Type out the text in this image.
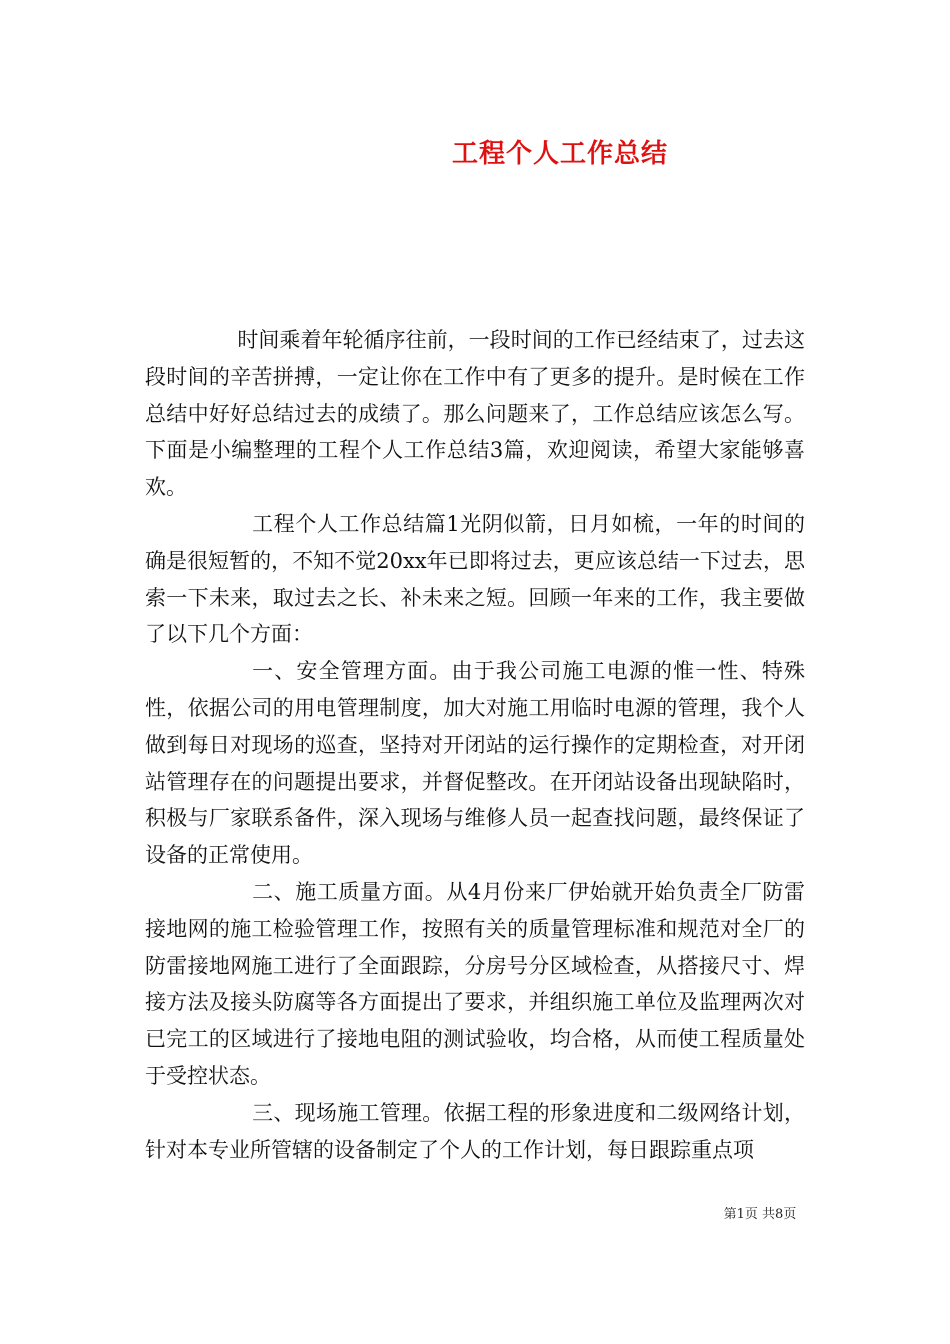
工程个人工作总结

时间乘着年轮循序往前，一段时间的工作已经结束了，过去这段时间的辛苦拼搏，一定让你在工作中有了更多的提升。是时候在工作总结中好好总结过去的成绩了。那么问题来了，工作总结应该怎么写。下面是小编整理的工程个人工作总结3篇，欢迎阅读，希望大家能够喜欢。

工程个人工作总结篇1光阴似箭，日月如梳，一年的时间的确是很短暂的，不知不觉20xx年已即将过去，更应该总结一下过去，思索一下未来，取过去之长、补未来之短。回顾一年来的工作，我主要做了以下几个方面：

一、安全管理方面。由于我公司施工电源的惟一性、特殊性，依据公司的用电管理制度，加大对施工用临时电源的管理，我个人做到每日对现场的巡查，坚持对开闭站的运行操作的定期检查，对开闭站管理存在的问题提出要求，并督促整改。在开闭站设备出现缺陷时，积极与厂家联系备件，深入现场与维修人员一起查找问题，最终保证了设备的正常使用。

二、施工质量方面。从4月份来厂伊始就开始负责全厂防雷接地网的施工检验管理工作，按照有关的质量管理标准和规范对全厂的防雷接地网施工进行了全面跟踪，分房号分区域检查，从搭接尺寸、焊接方法及接头防腐等各方面提出了要求，并组织施工单位及监理两次对已完工的区域进行了接地电阻的测试验收，均合格，从而使工程质量处于受控状态。

三、现场施工管理。依据工程的形象进度和二级网络计划，针对本专业所管辖的设备制定了个人的工作计划，每日跟踪重点项

第1页 共8页
